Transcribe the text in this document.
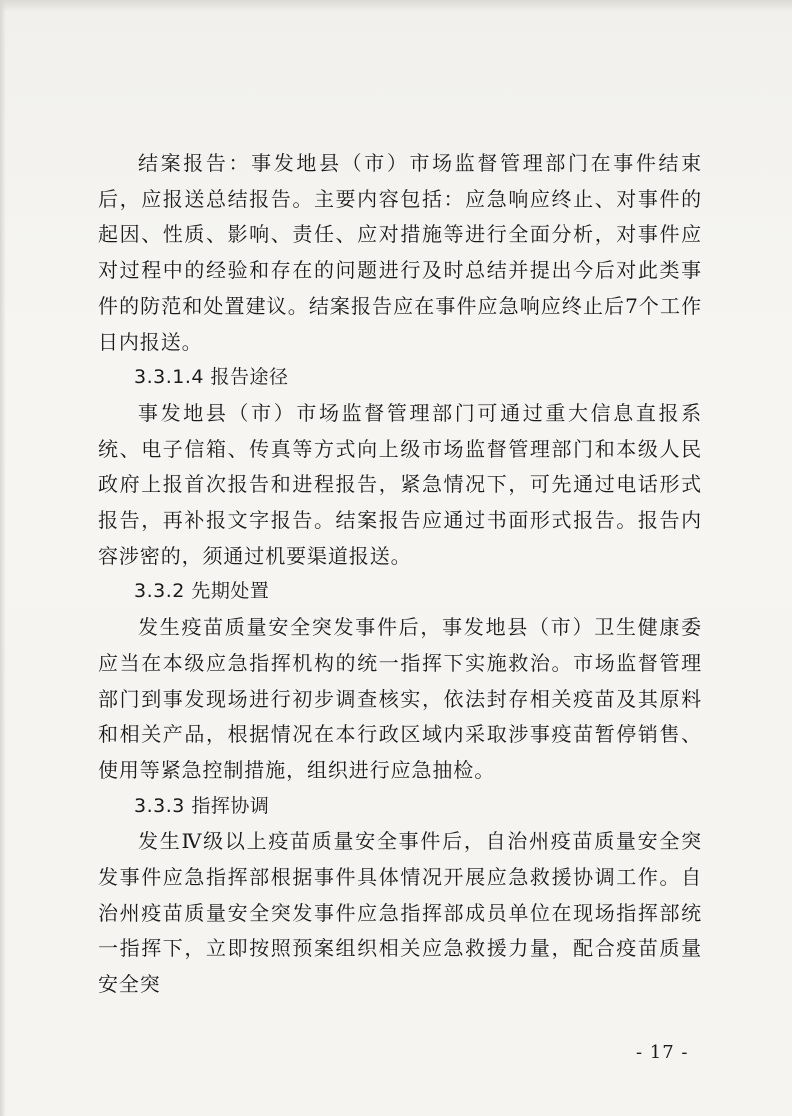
结案报告：事发地县（市）市场监督管理部门在事件结束后，应报送总结报告。主要内容包括：应急响应终止、对事件的起因、性质、影响、责任、应对措施等进行全面分析，对事件应对过程中的经验和存在的问题进行及时总结并提出今后对此类事件的防范和处置建议。结案报告应在事件应急响应终止后7个工作日内报送。

3.3.1.4 报告途径

事发地县（市）市场监督管理部门可通过重大信息直报系统、电子信箱、传真等方式向上级市场监督管理部门和本级人民政府上报首次报告和进程报告，紧急情况下，可先通过电话形式报告，再补报文字报告。结案报告应通过书面形式报告。报告内容涉密的，须通过机要渠道报送。

3.3.2 先期处置

发生疫苗质量安全突发事件后，事发地县（市）卫生健康委应当在本级应急指挥机构的统一指挥下实施救治。市场监督管理部门到事发现场进行初步调查核实，依法封存相关疫苗及其原料和相关产品，根据情况在本行政区域内采取涉事疫苗暂停销售、使用等紧急控制措施，组织进行应急抽检。

3.3.3 指挥协调

发生Ⅳ级以上疫苗质量安全事件后，自治州疫苗质量安全突发事件应急指挥部根据事件具体情况开展应急救援协调工作。自治州疫苗质量安全突发事件应急指挥部成员单位在现场指挥部统一指挥下，立即按照预案组织相关应急救援力量，配合疫苗质量安全突

- 17 -
